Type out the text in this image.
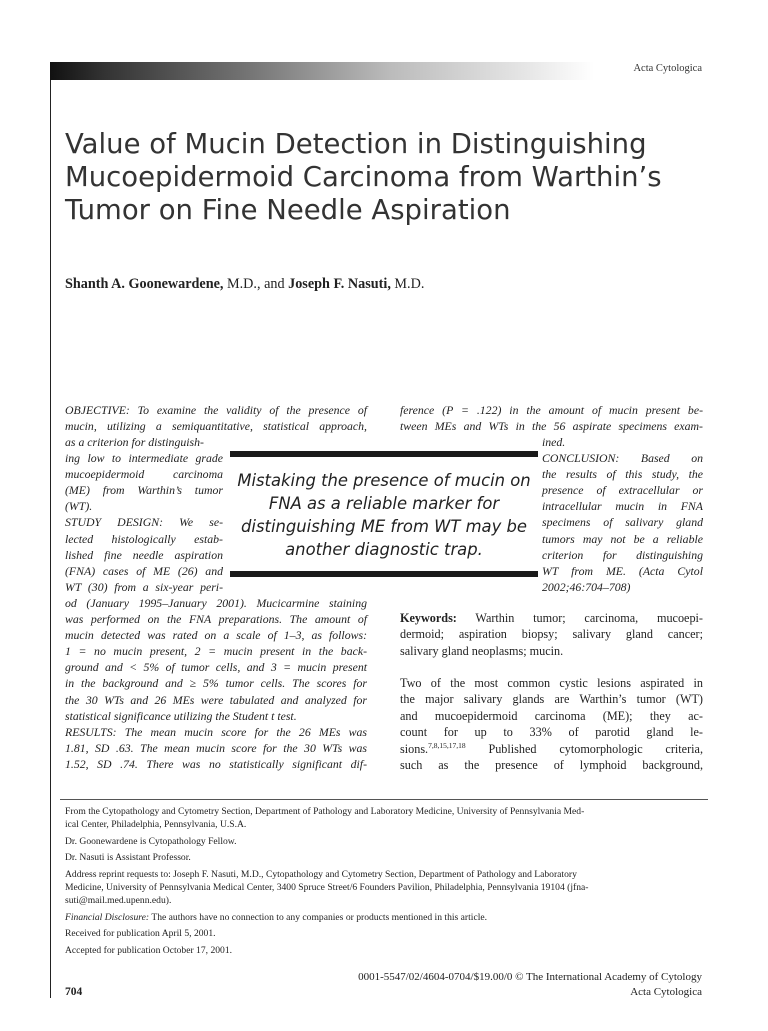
Acta Cytologica
Value of Mucin Detection in Distinguishing
Mucoepidermoid Carcinoma from Warthin’s
Tumor on Fine Needle Aspiration
Shanth A. Goonewardene, M.D., and Joseph F. Nasuti, M.D.
OBJECTIVE: To examine the validity of the presence of
mucin, utilizing a semiquantitative, statistical approach,
as a criterion for distinguish-
ing low to intermediate grade
mucoepidermoid carcinoma
(ME) from Warthin’s tumor
(WT).
STUDY DESIGN: We se-
lected histologically estab-
lished fine needle aspiration
(FNA) cases of ME (26) and
WT (30) from a six-year peri-
od (January 1995–January 2001). Mucicarmine staining
was performed on the FNA preparations. The amount of
mucin detected was rated on a scale of 1–3, as follows:
1 = no mucin present, 2 = mucin present in the back-
ground and < 5% of tumor cells, and 3 = mucin present
in the background and ≥ 5% tumor cells. The scores for
the 30 WTs and 26 MEs were tabulated and analyzed for
statistical significance utilizing the Student t test.
RESULTS: The mean mucin score for the 26 MEs was
1.81, SD .63. The mean mucin score for the 30 WTs was
1.52, SD .74. There was no statistically significant dif-
ference (P = .122) in the amount of mucin present be-
tween MEs and WTs in the 56 aspirate specimens exam-
ined.
CONCLUSION: Based on
the results of this study, the
presence of extracellular or
intracellular mucin in FNA
specimens of salivary gland
tumors may not be a reliable
criterion for distinguishing
WT from ME. (Acta Cytol
2002;46:704–708)
Mistaking the presence of mucin on
FNA as a reliable marker for
distinguishing ME from WT may be
another diagnostic trap.
Keywords: Warthin tumor; carcinoma, mucoepi-
dermoid; aspiration biopsy; salivary gland cancer;
salivary gland neoplasms; mucin.
Two of the most common cystic lesions aspirated in
the major salivary glands are Warthin’s tumor (WT)
and mucoepidermoid carcinoma (ME); they ac-
count for up to 33% of parotid gland le-
sions.$^{7,8,15,17,18}$ Published cytomorphologic criteria,
such as the presence of lymphoid background,
From the Cytopathology and Cytometry Section, Department of Pathology and Laboratory Medicine, University of Pennsylvania Med-
ical Center, Philadelphia, Pennsylvania, U.S.A.
Dr. Goonewardene is Cytopathology Fellow.
Dr. Nasuti is Assistant Professor.
Address reprint requests to: Joseph F. Nasuti, M.D., Cytopathology and Cytometry Section, Department of Pathology and Laboratory
Medicine, University of Pennsylvania Medical Center, 3400 Spruce Street/6 Founders Pavilion, Philadelphia, Pennsylvania 19104 (jfna-
suti@mail.med.upenn.edu).
Financial Disclosure: The authors have no connection to any companies or products mentioned in this article.
Received for publication April 5, 2001.
Accepted for publication October 17, 2001.
0001-5547/02/4604-0704/$19.00/0 © The International Academy of Cytology
Acta Cytologica
704
